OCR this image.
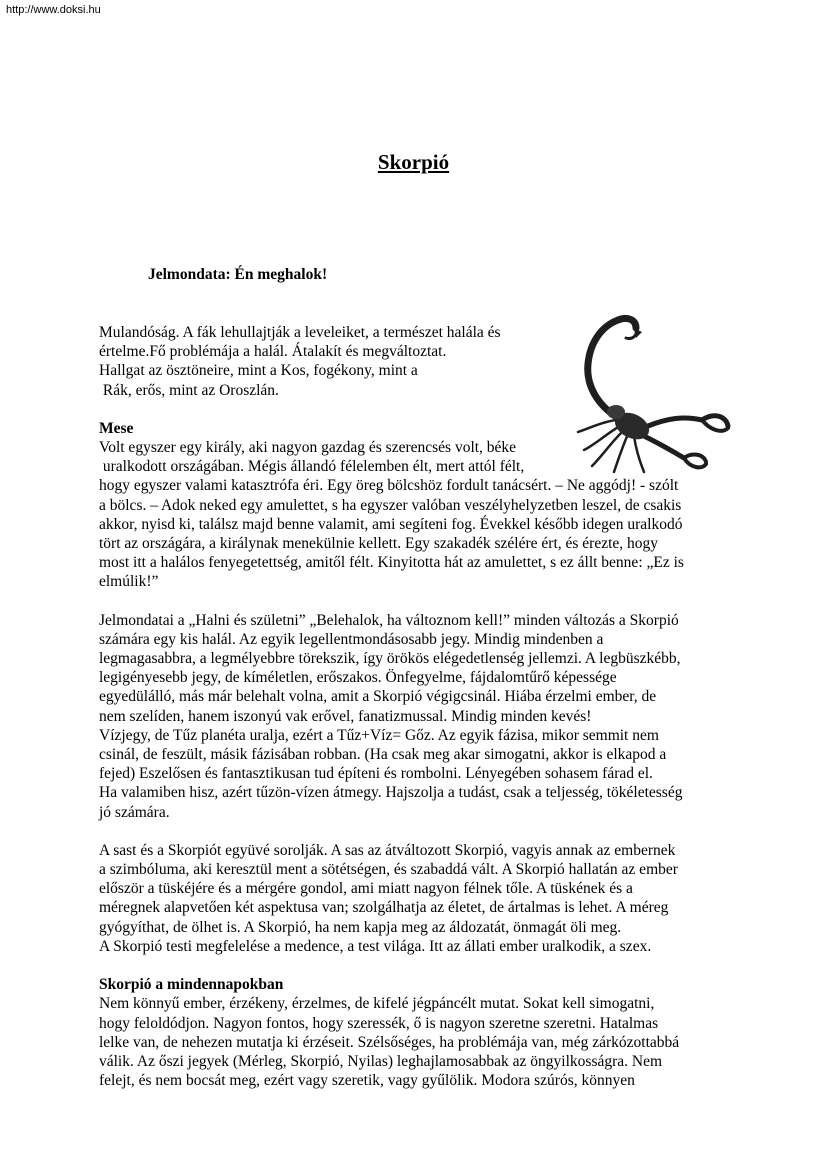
http://www.doksi.hu
Skorpió
Jelmondata: Én meghalok!

Mulandóság. A fák lehullajtják a leveleiket, a természet halála és
értelme.Fő problémája a halál. Átalakít és megváltoztat.
Hallgat az ösztöneire, mint a Kos, fogékony, mint a
Rák, erős, mint az Oroszlán.

Mese
Volt egyszer egy király, aki nagyon gazdag és szerencsés volt, béke
uralkodott országában. Mégis állandó félelemben élt, mert attól félt,
hogy egyszer valami katasztrófa éri. Egy öreg bölcshöz fordult tanácsért. – Ne aggódj! - szólt
a bölcs. – Adok neked egy amulettet, s ha egyszer valóban veszélyhelyzetben leszel, de csakis
akkor, nyisd ki, találsz majd benne valamit, ami segíteni fog. Évekkel később idegen uralkodó
tört az országára, a királynak menekülnie kellett. Egy szakadék szélére ért, és érezte, hogy
most itt a halálos fenyegetettség, amitől félt. Kinyitotta hát az amulettet, s ez állt benne: „Ez is
elmúlik!”

Jelmondatai a „Halni és születni” „Belehalok, ha változnom kell!” minden változás a Skorpió
számára egy kis halál. Az egyik legellentmondásosabb jegy. Mindig mindenben a
legmagasabbra, a legmélyebbre törekszik, így örökös elégedetlenség jellemzi. A legbüszkébb,
legigényesebb jegy, de kíméletlen, erőszakos. Önfegyelme, fájdalomtűrő képessége
egyedülálló, más már belehalt volna, amit a Skorpió végigcsinál. Hiába érzelmi ember, de
nem szelíden, hanem iszonyú vak erővel, fanatizmussal. Mindig minden kevés!
Vízjegy, de Tűz planéta uralja, ezért a Tűz+Víz= Gőz. Az egyik fázisa, mikor semmit nem
csinál, de feszült, másik fázisában robban. (Ha csak meg akar simogatni, akkor is elkapod a
fejed) Eszelősen és fantasztikusan tud építeni és rombolni. Lényegében sohasem fárad el.
Ha valamiben hisz, azért tűzön-vízen átmegy. Hajszolja a tudást, csak a teljesség, tökéletesség
jó számára.

A sast és a Skorpiót együvé sorolják. A sas az átváltozott Skorpió, vagyis annak az embernek
a szimbóluma, aki keresztül ment a sötétségen, és szabaddá vált. A Skorpió hallatán az ember
először a tüskéjére és a mérgére gondol, ami miatt nagyon félnek tőle. A tüskének és a
méregnek alapvetően két aspektusa van; szolgálhatja az életet, de ártalmas is lehet. A méreg
gyógyíthat, de ölhet is. A Skorpió, ha nem kapja meg az áldozatát, önmagát öli meg.
A Skorpió testi megfelelése a medence, a test világa. Itt az állati ember uralkodik, a szex.

Skorpió a mindennapokban
Nem könnyű ember, érzékeny, érzelmes, de kifelé jégpáncélt mutat. Sokat kell simogatni,
hogy feloldódjon. Nagyon fontos, hogy szeressék, ő is nagyon szeretne szeretni. Hatalmas
lelke van, de nehezen mutatja ki érzéseit. Szélsőséges, ha problémája van, még zárkózottabbá
válik. Az őszi jegyek (Mérleg, Skorpió, Nyilas) leghajlamosabbak az öngyilkosságra. Nem
felejt, és nem bocsát meg, ezért vagy szeretik, vagy gyűlölik. Modora szúrós, könnyen
